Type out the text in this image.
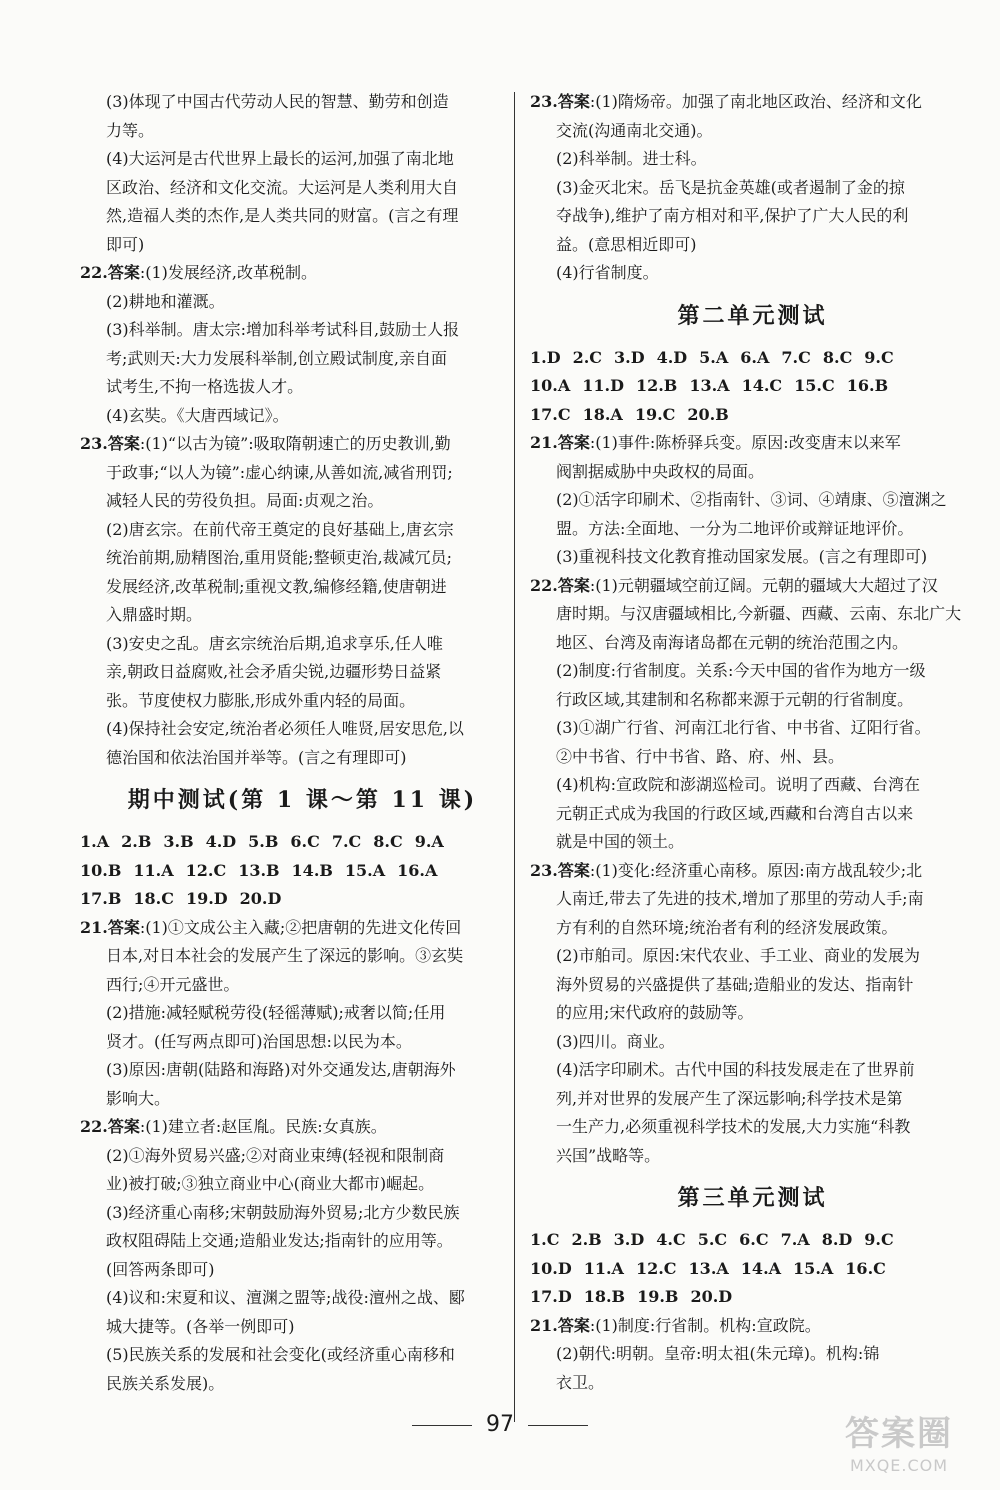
(3)体现了中国古代劳动人民的智慧、勤劳和创造
力等。
(4)大运河是古代世界上最长的运河,加强了南北地
区政治、经济和文化交流。大运河是人类利用大自
然,造福人类的杰作,是人类共同的财富。(言之有理
即可)
22.答案:(1)发展经济,改革税制。
(2)耕地和灌溉。
(3)科举制。唐太宗:增加科举考试科目,鼓励士人报
考;武则天:大力发展科举制,创立殿试制度,亲自面
试考生,不拘一格选拔人才。
(4)玄奘。《大唐西域记》。
23.答案:(1)“以古为镜”:吸取隋朝速亡的历史教训,勤
于政事;“以人为镜”:虚心纳谏,从善如流,减省刑罚;
减轻人民的劳役负担。局面:贞观之治。
(2)唐玄宗。在前代帝王奠定的良好基础上,唐玄宗
统治前期,励精图治,重用贤能;整顿吏治,裁减冗员;
发展经济,改革税制;重视文教,编修经籍,使唐朝进
入鼎盛时期。
(3)安史之乱。唐玄宗统治后期,追求享乐,任人唯
亲,朝政日益腐败,社会矛盾尖锐,边疆形势日益紧
张。节度使权力膨胀,形成外重内轻的局面。
(4)保持社会安定,统治者必须任人唯贤,居安思危,以
德治国和依法治国并举等。(言之有理即可)
期中测试(第 1 课～第 11 课)
1.A 2.B 3.B 4.D 5.B 6.C 7.C 8.C 9.A
10.B 11.A 12.C 13.B 14.B 15.A 16.A
17.B 18.C 19.D 20.D
21.答案:(1)①文成公主入藏;②把唐朝的先进文化传回
日本,对日本社会的发展产生了深远的影响。③玄奘
西行;④开元盛世。
(2)措施:减轻赋税劳役(轻徭薄赋);戒奢以简;任用
贤才。(任写两点即可)治国思想:以民为本。
(3)原因:唐朝(陆路和海路)对外交通发达,唐朝海外
影响大。
22.答案:(1)建立者:赵匡胤。民族:女真族。
(2)①海外贸易兴盛;②对商业束缚(轻视和限制商
业)被打破;③独立商业中心(商业大都市)崛起。
(3)经济重心南移;宋朝鼓励海外贸易;北方少数民族
政权阻碍陆上交通;造船业发达;指南针的应用等。
(回答两条即可)
(4)议和:宋夏和议、澶渊之盟等;战役:澶州之战、郾
城大捷等。(各举一例即可)
(5)民族关系的发展和社会变化(或经济重心南移和
民族关系发展)。
23.答案:(1)隋炀帝。加强了南北地区政治、经济和文化
交流(沟通南北交通)。
(2)科举制。进士科。
(3)金灭北宋。岳飞是抗金英雄(或者遏制了金的掠
夺战争),维护了南方相对和平,保护了广大人民的利
益。(意思相近即可)
(4)行省制度。
第二单元测试
1.D 2.C 3.D 4.D 5.A 6.A 7.C 8.C 9.C
10.A 11.D 12.B 13.A 14.C 15.C 16.B
17.C 18.A 19.C 20.B
21.答案:(1)事件:陈桥驿兵变。原因:改变唐末以来军
阀割据威胁中央政权的局面。
(2)①活字印刷术、②指南针、③词、④靖康、⑤澶渊之
盟。方法:全面地、一分为二地评价或辩证地评价。
(3)重视科技文化教育推动国家发展。(言之有理即可)
22.答案:(1)元朝疆域空前辽阔。元朝的疆域大大超过了汉
唐时期。与汉唐疆域相比,今新疆、西藏、云南、东北广大
地区、台湾及南海诸岛都在元朝的统治范围之内。
(2)制度:行省制度。关系:今天中国的省作为地方一级
行政区域,其建制和名称都来源于元朝的行省制度。
(3)①湖广行省、河南江北行省、中书省、辽阳行省。
②中书省、行中书省、路、府、州、县。
(4)机构:宣政院和澎湖巡检司。说明了西藏、台湾在
元朝正式成为我国的行政区域,西藏和台湾自古以来
就是中国的领土。
23.答案:(1)变化:经济重心南移。原因:南方战乱较少;北
人南迁,带去了先进的技术,增加了那里的劳动人手;南
方有利的自然环境;统治者有利的经济发展政策。
(2)市舶司。原因:宋代农业、手工业、商业的发展为
海外贸易的兴盛提供了基础;造船业的发达、指南针
的应用;宋代政府的鼓励等。
(3)四川。商业。
(4)活字印刷术。古代中国的科技发展走在了世界前
列,并对世界的发展产生了深远影响;科学技术是第
一生产力,必须重视科学技术的发展,大力实施“科教
兴国”战略等。
第三单元测试
1.C 2.B 3.D 4.C 5.C 6.C 7.A 8.D 9.C
10.D 11.A 12.C 13.A 14.A 15.A 16.C
17.D 18.B 19.B 20.D
21.答案:(1)制度:行省制。机构:宣政院。
(2)朝代:明朝。皇帝:明太祖(朱元璋)。机构:锦
衣卫。
97	答案圈
MXQE.COM
